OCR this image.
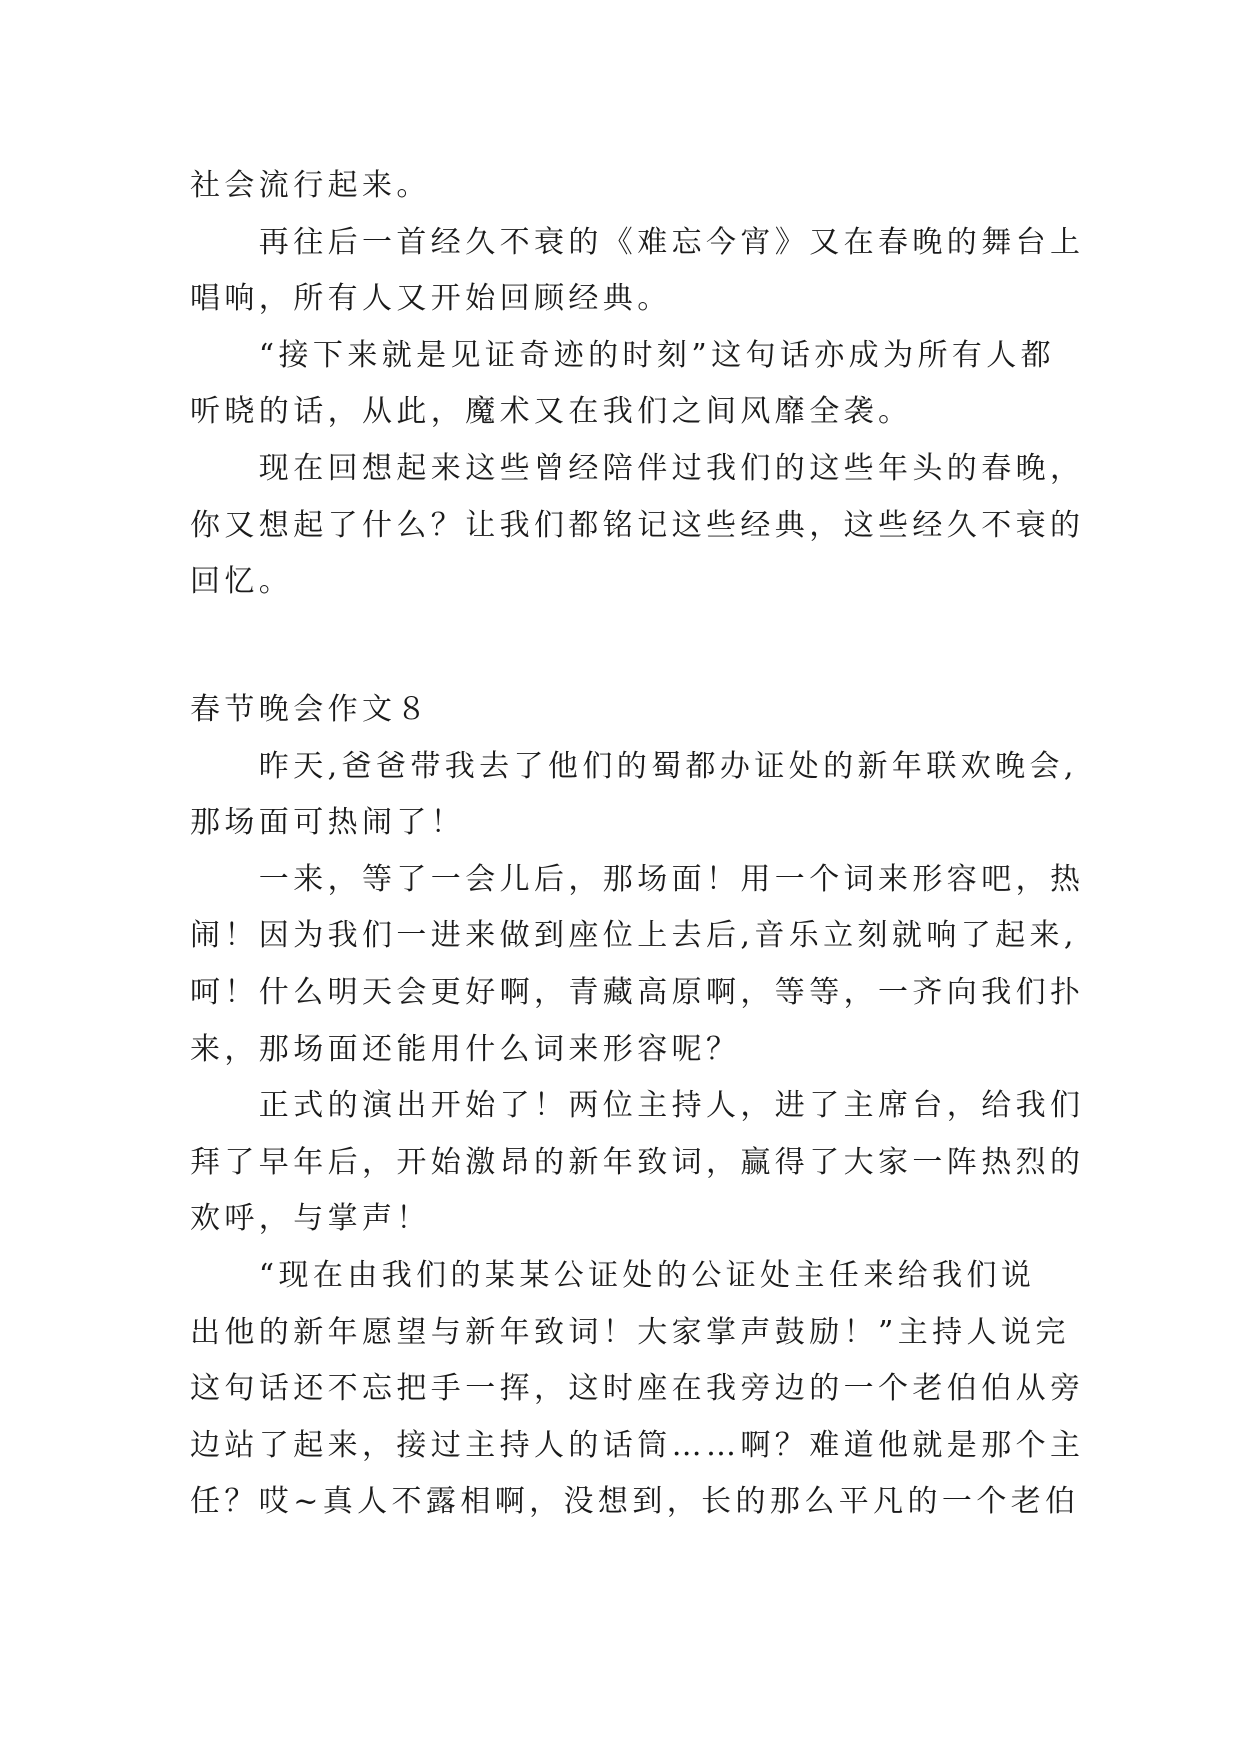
社会流行起来。
　　再往后一首经久不衰的《难忘今宵》又在春晚的舞台上
唱响，所有人又开始回顾经典。
　　“接下来就是见证奇迹的时刻”这句话亦成为所有人都
听晓的话，从此，魔术又在我们之间风靡全袭。
　　现在回想起来这些曾经陪伴过我们的这些年头的春晚，
你又想起了什么？让我们都铭记这些经典，这些经久不衰的
回忆。
春节晚会作文８
　　昨天,爸爸带我去了他们的蜀都办证处的新年联欢晚会,
那场面可热闹了！
　　一来，等了一会儿后，那场面！用一个词来形容吧，热
闹！因为我们一进来做到座位上去后,音乐立刻就响了起来,
呵！什么明天会更好啊，青藏高原啊，等等，一齐向我们扑
来，那场面还能用什么词来形容呢？
　　正式的演出开始了！两位主持人，进了主席台，给我们
拜了早年后，开始激昂的新年致词，赢得了大家一阵热烈的
欢呼，与掌声！
　　“现在由我们的某某公证处的公证处主任来给我们说
出他的新年愿望与新年致词！大家掌声鼓励！”主持人说完
这句话还不忘把手一挥，这时座在我旁边的一个老伯伯从旁
边站了起来，接过主持人的话筒……啊？难道他就是那个主
任？哎~真人不露相啊，没想到，长的那么平凡的一个老伯
